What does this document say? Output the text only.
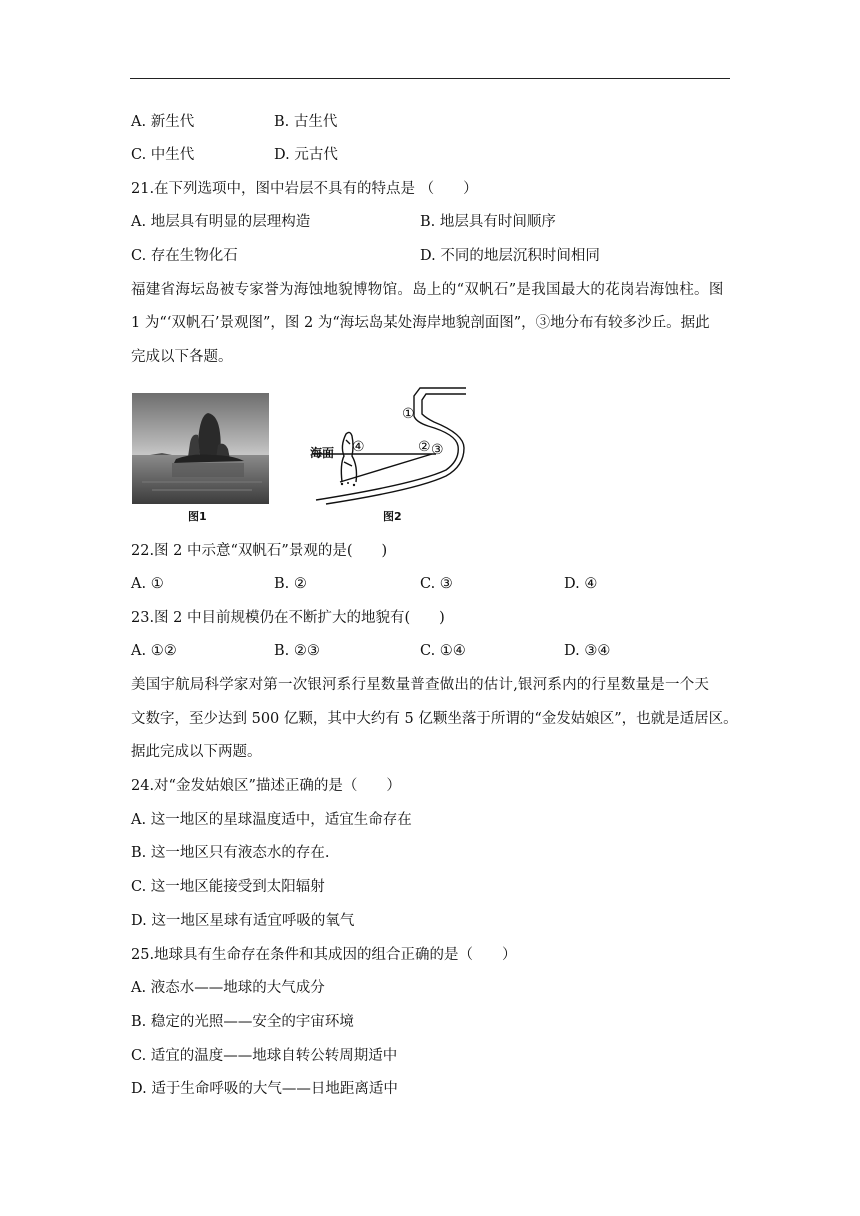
A. 新生代	B. 古生代
C. 中生代	D. 元古代
21.在下列选项中，图中岩层不具有的特点是 （　　）
A. 地层具有明显的层理构造	B. 地层具有时间顺序
C. 存在生物化石	D. 不同的地层沉积时间相同
福建省海坛岛被专家誉为海蚀地貌博物馆。岛上的“双帆石”是我国最大的花岗岩海蚀柱。图
1 为“‘双帆石’景观图”，图 2 为“海坛岛某处海岸地貌剖面图”，③地分布有较多沙丘。据此
完成以下各题。
图1
海面
①
② ③
④
图2
22.图 2 中示意“双帆石”景观的是(　　)
A. ①	B. ②	C. ③	D. ④
23.图 2 中目前规模仍在不断扩大的地貌有(　　)
A. ①②	B. ②③	C. ①④	D. ③④
美国宇航局科学家对第一次银河系行星数量普查做出的估计,银河系内的行星数量是一个天
文数字，至少达到 500 亿颗，其中大约有 5 亿颗坐落于所谓的“金发姑娘区”，也就是适居区。
据此完成以下两题。
24.对“金发姑娘区”描述正确的是（　　）
A. 这一地区的星球温度适中，适宜生命存在
B. 这一地区只有液态水的存在.
C. 这一地区能接受到太阳辐射
D. 这一地区星球有适宜呼吸的氧气
25.地球具有生命存在条件和其成因的组合正确的是（　　）
A. 液态水——地球的大气成分
B. 稳定的光照——安全的宇宙环境
C. 适宜的温度——地球自转公转周期适中
D. 适于生命呼吸的大气——日地距离适中
